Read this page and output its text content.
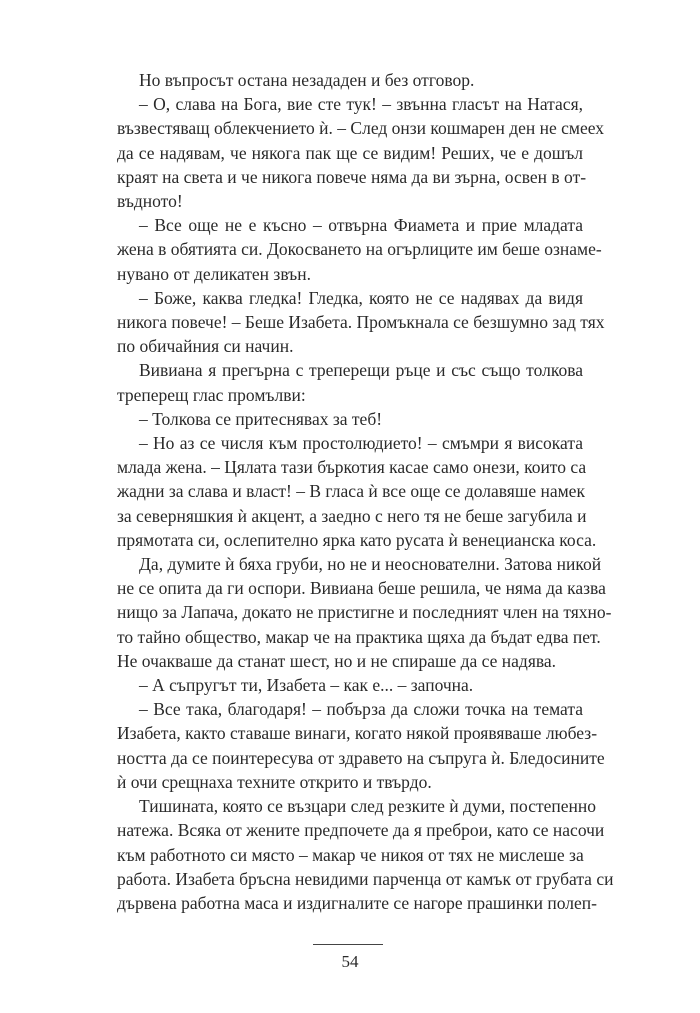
Но въпросът остана незададен и без отговор.

– О, слава на Бога, вие сте тук! – звънна гласът на Натася,
възвестяващ облекчението ѝ. – След онзи кошмарен ден не смеех
да се надявам, че някога пак ще се видим! Реших, че е дошъл
краят на света и че никога повече няма да ви зърна, освен в от-
въдното!

– Все още не е късно – отвърна Фиамета и прие младата
жена в обятията си. Докосването на огърлиците им беше ознаме-
нувано от деликатен звън.

– Боже, каква гледка! Гледка, която не се надявах да видя
никога повече! – Беше Изабета. Промъкнала се безшумно зад тях
по обичайния си начин.

Вивиана я прегърна с треперещи ръце и със също толкова
треперещ глас промълви:

– Толкова се притеснявах за теб!

– Но аз се числя към простолюдието! – смъмри я високата
млада жена. – Цялата тази бъркотия касае само онези, които са
жадни за слава и власт! – В гласа ѝ все още се долавяше намек
за северняшкия ѝ акцент, а заедно с него тя не беше загубила и
прямотата си, ослепително ярка като русата ѝ венецианска коса.

Да, думите ѝ бяха груби, но не и неоснователни. Затова никой
не се опита да ги оспори. Вивиана беше решила, че няма да казва
нищо за Лапача, докато не пристигне и последният член на тяхно-
то тайно общество, макар че на практика щяха да бъдат едва пет.
Не очакваше да станат шест, но и не спираше да се надява.

– А съпругът ти, Изабета – как е... – започна.

– Все така, благодаря! – побърза да сложи точка на темата
Изабета, както ставаше винаги, когато някой проявяваше любез-
ността да се поинтересува от здравето на съпруга ѝ. Бледосините
ѝ очи срещнаха техните открито и твърдо.

Тишината, която се възцари след резките ѝ думи, постепенно
натежа. Всяка от жените предпочете да я преброи, като се насочи
към работното си място – макар че никоя от тях не мислеше за
работа. Изабета бръсна невидими парченца от камък от грубата си
дървена работна маса и издигналите се нагоре прашинки полеп-

54
